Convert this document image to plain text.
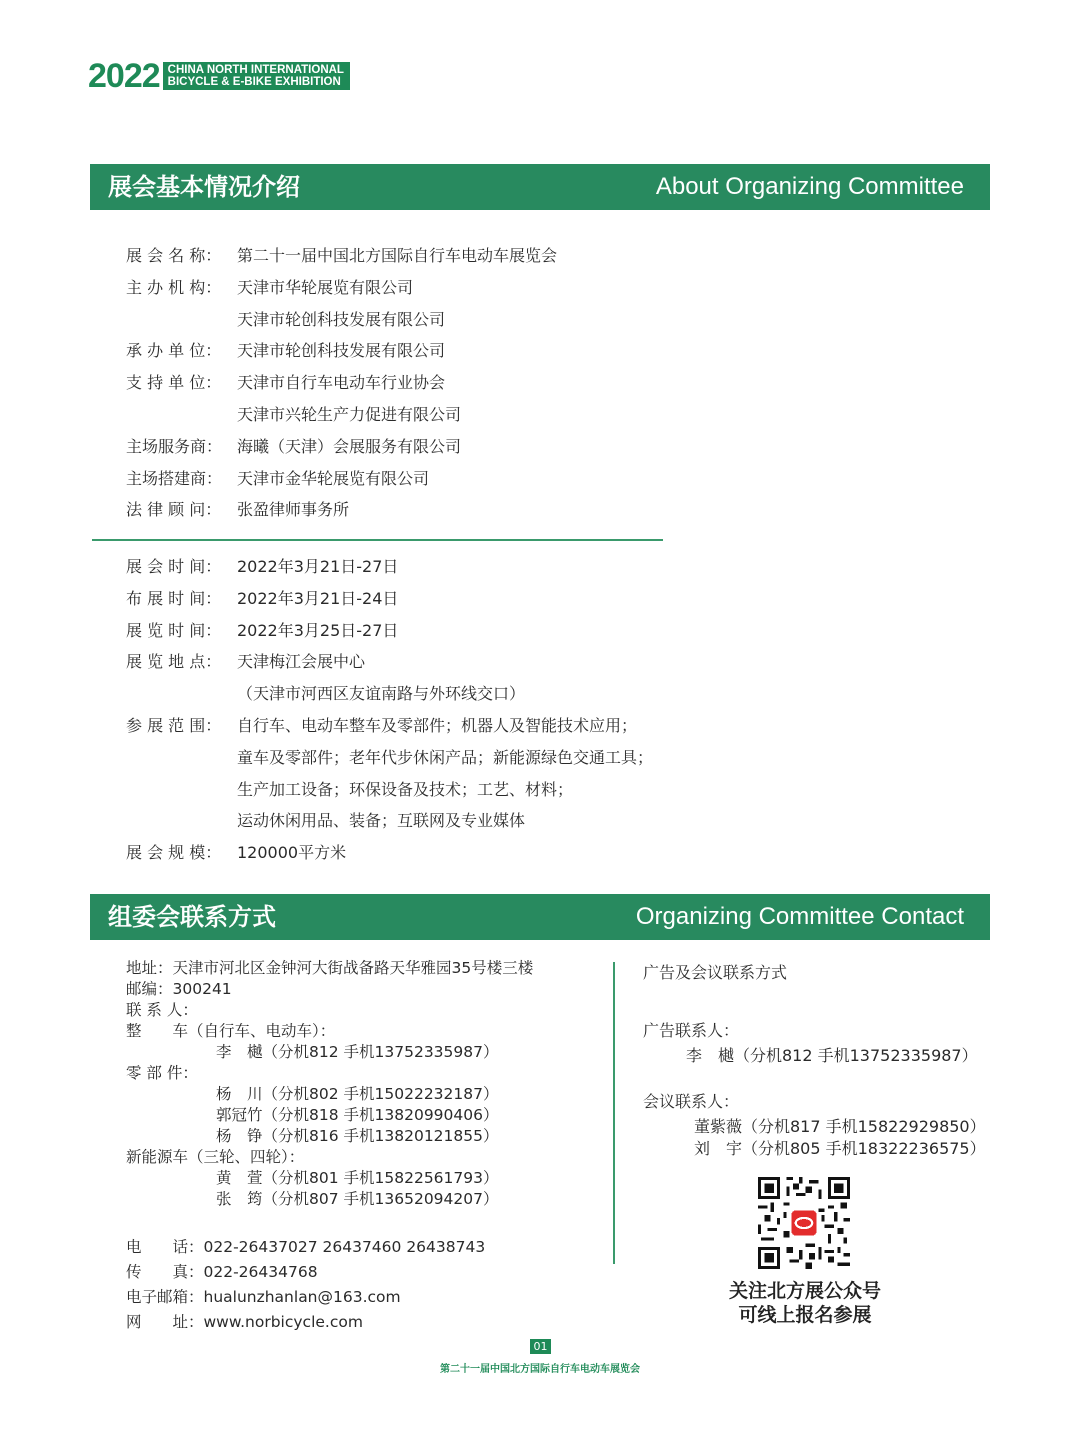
2022 CHINA NORTH INTERNATIONAL
BICYCLE & E-BIKE EXHIBITION
展会基本情况介绍	About Organizing Committee
展 会 名 称： 第二十一届中国北方国际自行车电动车展览会
主 办 机 构： 天津市华轮展览有限公司
天津市轮创科技发展有限公司
承 办 单 位： 天津市轮创科技发展有限公司
支 持 单 位： 天津市自行车电动车行业协会
天津市兴轮生产力促进有限公司
主场服务商： 海曦（天津）会展服务有限公司
主场搭建商： 天津市金华轮展览有限公司
法 律 顾 问： 张盈律师事务所
展 会 时 间： 2022年3月21日-27日
布 展 时 间： 2022年3月21日-24日
展 览 时 间： 2022年3月25日-27日
展 览 地 点： 天津梅江会展中心
（天津市河西区友谊南路与外环线交口）
参 展 范 围： 自行车、电动车整车及零部件；机器人及智能技术应用；
童车及零部件；老年代步休闲产品；新能源绿色交通工具；
生产加工设备；环保设备及技术；工艺、材料；
运动休闲用品、装备；互联网及专业媒体
展 会 规 模： 120000平方米
组委会联系方式	Organizing Committee Contact
地址：天津市河北区金钟河大街战备路天华雅园35号楼三楼
邮编：300241
联 系 人：
整　　车（自行车、电动车）：
李　樾（分机812 手机13752335987）
零 部 件：
杨　川（分机802 手机15022232187）
郭冠竹（分机818 手机13820990406）
杨　铮（分机816 手机13820121855）
新能源车（三轮、四轮）：
黄　萱（分机801 手机15822561793）
张　筠（分机807 手机13652094207）
电　　话：022-26437027 26437460 26438743
传　　真：022-26434768
电子邮箱：hualunzhanlan@163.com
网　　址：www.norbicycle.com
广告及会议联系方式
广告联系人：
李　樾（分机812 手机13752335987）
会议联系人：
董紫薇（分机817 手机15822929850）
刘　宇（分机805 手机18322236575）
关注北方展公众号
可线上报名参展
01
第二十一届中国北方国际自行车电动车展览会
